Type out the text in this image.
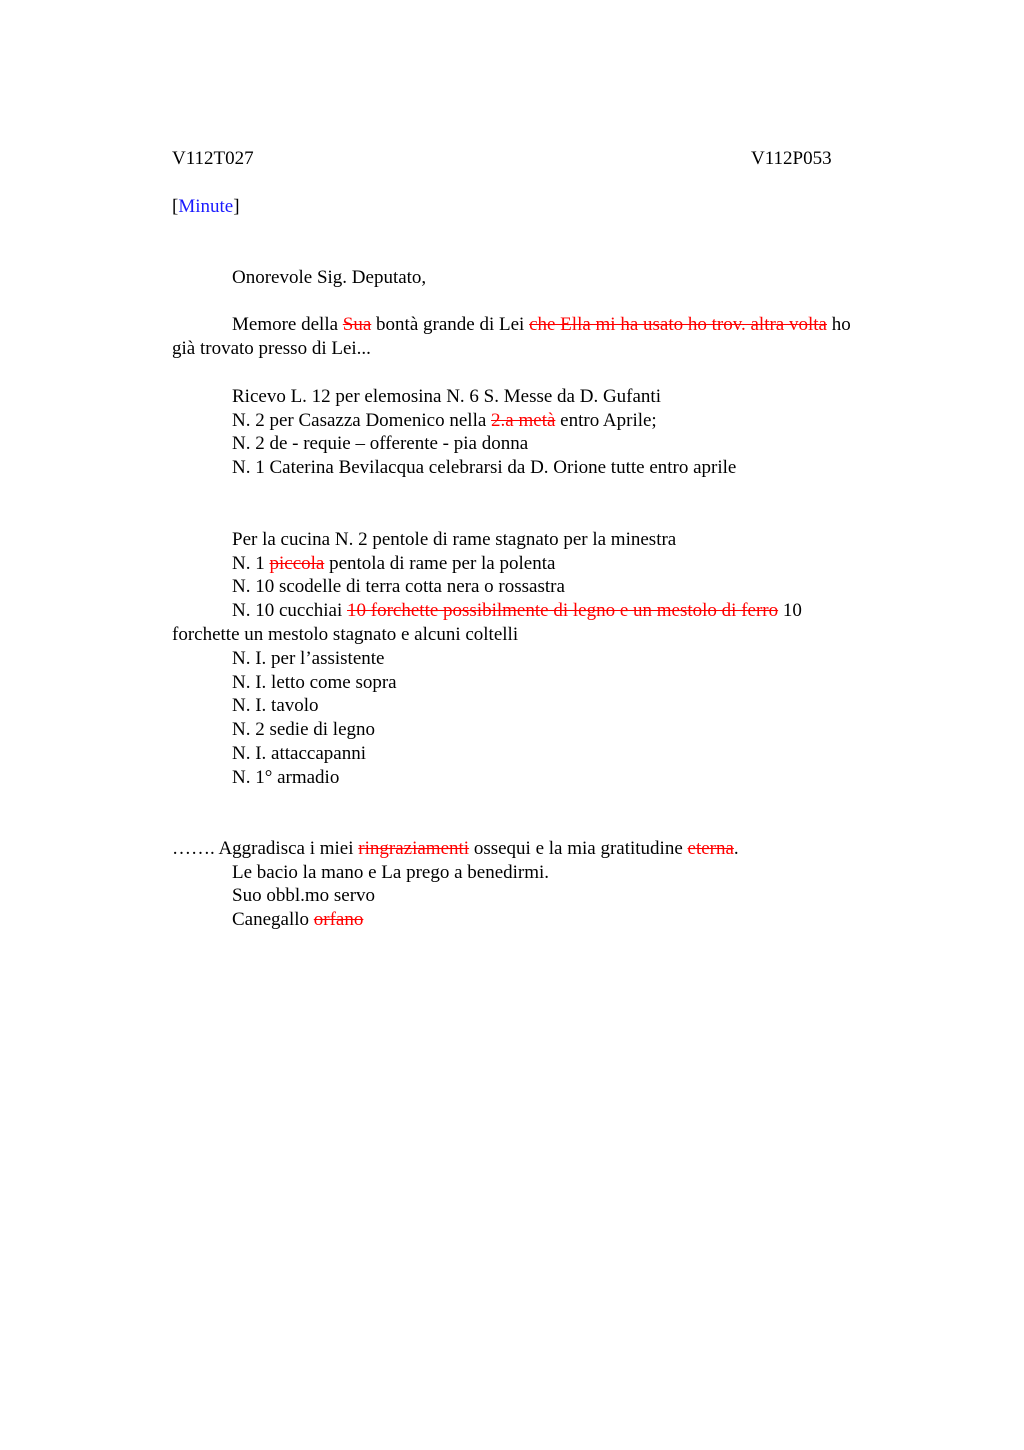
V112T027	V112P053
[Minute]
Onorevole Sig. Deputato,
Memore della Sua bontà grande di Lei che Ella mi ha usato ho trov. altra volta ho
già trovato presso di Lei...
Ricevo L. 12 per elemosina N. 6 S. Messe da D. Gufanti
N. 2 per Casazza Domenico nella 2.a metà entro Aprile;
N. 2 de - requie – offerente - pia donna
N. 1 Caterina Bevilacqua celebrarsi da D. Orione tutte entro aprile
Per la cucina N. 2 pentole di rame stagnato per la minestra
N. 1 piccola pentola di rame per la polenta
N. 10 scodelle di terra cotta nera o rossastra
N. 10 cucchiai 10 forchette possibilmente di legno e un mestolo di ferro 10
forchette un mestolo stagnato e alcuni coltelli
N. I. per l’assistente
N. I. letto come sopra
N. I. tavolo
N. 2 sedie di legno
N. I. attaccapanni
N. 1° armadio
……. Aggradisca i miei ringraziamenti ossequi e la mia gratitudine eterna.
Le bacio la mano e La prego a benedirmi.
Suo obbl.mo servo
Canegallo orfano
